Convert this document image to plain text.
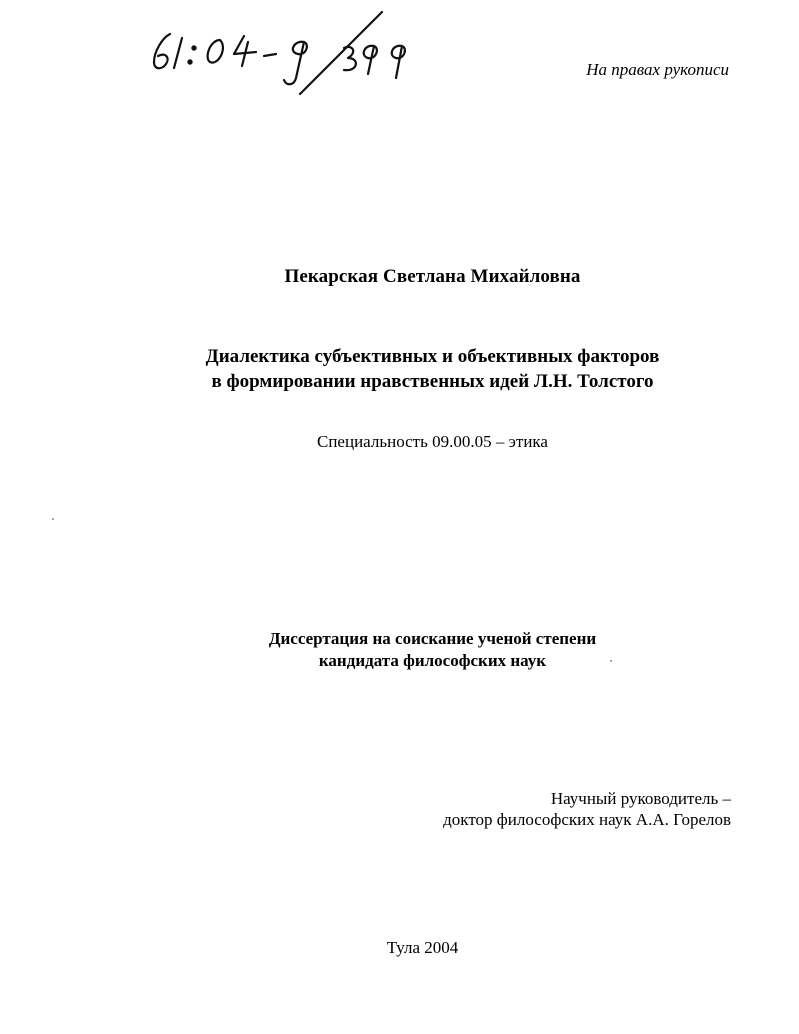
На правах рукописи
Пекарская Светлана Михайловна
Диалектика субъективных и объективных факторов
в формировании нравственных идей Л.Н. Толстого
Специальность 09.00.05 – этика
Диссертация на соискание ученой степени
кандидата философских наук
Научный руководитель –
доктор философских наук А.А. Горелов
Тула 2004
